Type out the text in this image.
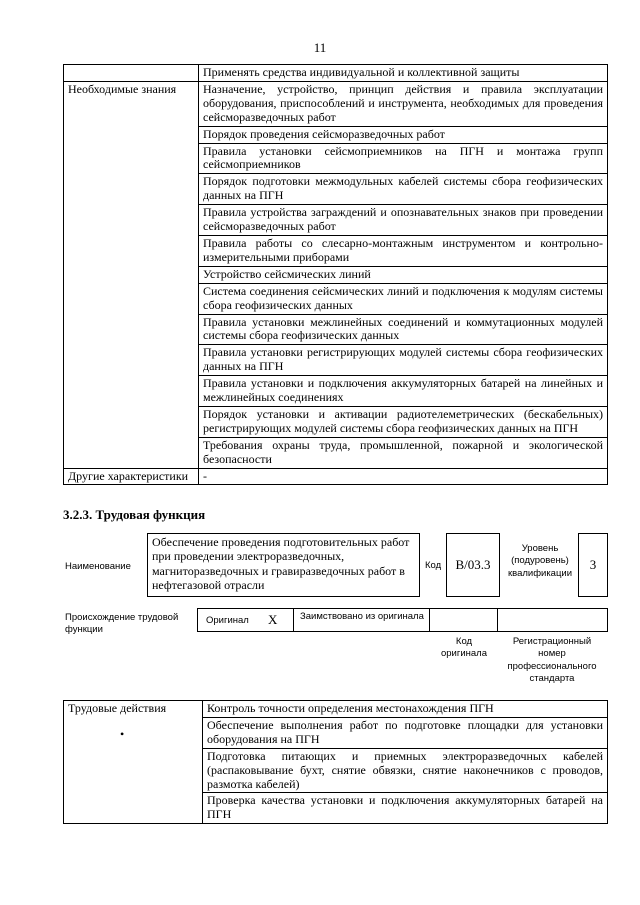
11
	Применять средства индивидуальной и коллективной защиты
Необходимые знания	Назначение, устройство, принцип действия и правила эксплуатации оборудования, приспособлений и инструмента, необходимых для проведения сейсморазведочных работ
	Порядок проведения сейсморазведочных работ
	Правила установки сейсмоприемников на ПГН и монтажа групп сейсмоприемников
	Порядок подготовки межмодульных кабелей системы сбора геофизических данных на ПГН
	Правила устройства заграждений и опознавательных знаков при проведении сейсморазведочных работ
	Правила работы со слесарно-монтажным инструментом и контрольно-измерительными приборами
	Устройство сейсмических линий
	Система соединения сейсмических линий и подключения к модулям системы сбора геофизических данных
	Правила установки межлинейных соединений и коммутационных модулей системы сбора геофизических данных
	Правила установки регистрирующих модулей системы сбора геофизических данных на ПГН
	Правила установки и подключения аккумуляторных батарей на линейных и межлинейных соединениях
	Порядок установки и активации радиотелеметрических (бескабельных) регистрирующих модулей системы сбора геофизических данных на ПГН
	Требования охраны труда, промышленной, пожарной и экологической безопасности
Другие характеристики	-
3.2.3. Трудовая функция
Наименование
Обеспечение проведения подготовительных работ при проведении электроразведочных, магниторазведочных и гравиразведочных работ в нефтегазовой отрасли
Код	В/03.3
Уровень (подуровень) квалификации
3
Происхождение трудовой функции
Оригинал X Заимствовано из оригинала
Код оригинала
Регистрационный номер профессионального стандарта
Трудовые действия
•
	Контроль точности определения местонахождения ПГН
Обеспечение выполнения работ по подготовке площадки для установки оборудования на ПГН
Подготовка питающих и приемных электроразведочных кабелей (распаковывание бухт, снятие обвязки, снятие наконечников с проводов, размотка кабелей)
Проверка качества установки и подключения аккумуляторных батарей на ПГН
